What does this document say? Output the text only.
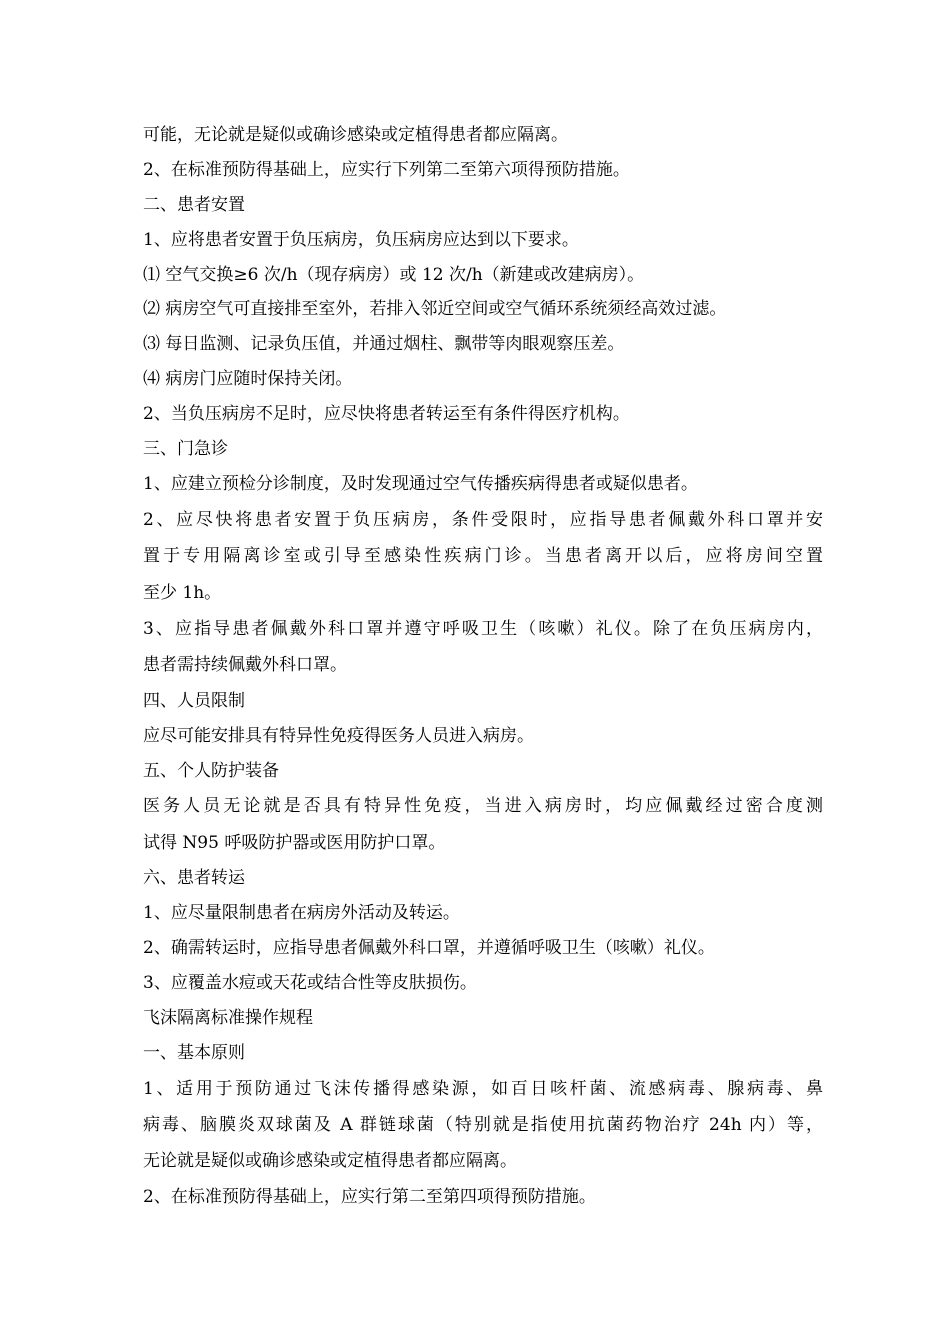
可能，无论就是疑似或确诊感染或定植得患者都应隔离。

2、在标准预防得基础上，应实行下列第二至第六项得预防措施。

二、患者安置

1、应将患者安置于负压病房，负压病房应达到以下要求。

⑴ 空气交换≥6 次/h（现存病房）或 12 次/h（新建或改建病房）。

⑵ 病房空气可直接排至室外，若排入邻近空间或空气循环系统须经高效过滤。

⑶ 每日监测、记录负压值，并通过烟柱、飘带等肉眼观察压差。

⑷ 病房门应随时保持关闭。

2、当负压病房不足时，应尽快将患者转运至有条件得医疗机构。

三、门急诊

1、应建立预检分诊制度，及时发现通过空气传播疾病得患者或疑似患者。

2、应尽快将患者安置于负压病房，条件受限时，应指导患者佩戴外科口罩并安

置于专用隔离诊室或引导至感染性疾病门诊。当患者离开以后，应将房间空置

至少 1h。

3、应指导患者佩戴外科口罩并遵守呼吸卫生（咳嗽）礼仪。除了在负压病房内，

患者需持续佩戴外科口罩。

四、人员限制

应尽可能安排具有特异性免疫得医务人员进入病房。

五、个人防护装备

医务人员无论就是否具有特异性免疫，当进入病房时，均应佩戴经过密合度测

试得 N95 呼吸防护器或医用防护口罩。

六、患者转运

1、应尽量限制患者在病房外活动及转运。

2、确需转运时，应指导患者佩戴外科口罩，并遵循呼吸卫生（咳嗽）礼仪。

3、应覆盖水痘或天花或结合性等皮肤损伤。

飞沫隔离标准操作规程

一、基本原则

1、适用于预防通过飞沫传播得感染源，如百日咳杆菌、流感病毒、腺病毒、鼻

病毒、脑膜炎双球菌及 A 群链球菌（特别就是指使用抗菌药物治疗 24h 内）等，

无论就是疑似或确诊感染或定植得患者都应隔离。

2、在标准预防得基础上，应实行第二至第四项得预防措施。
